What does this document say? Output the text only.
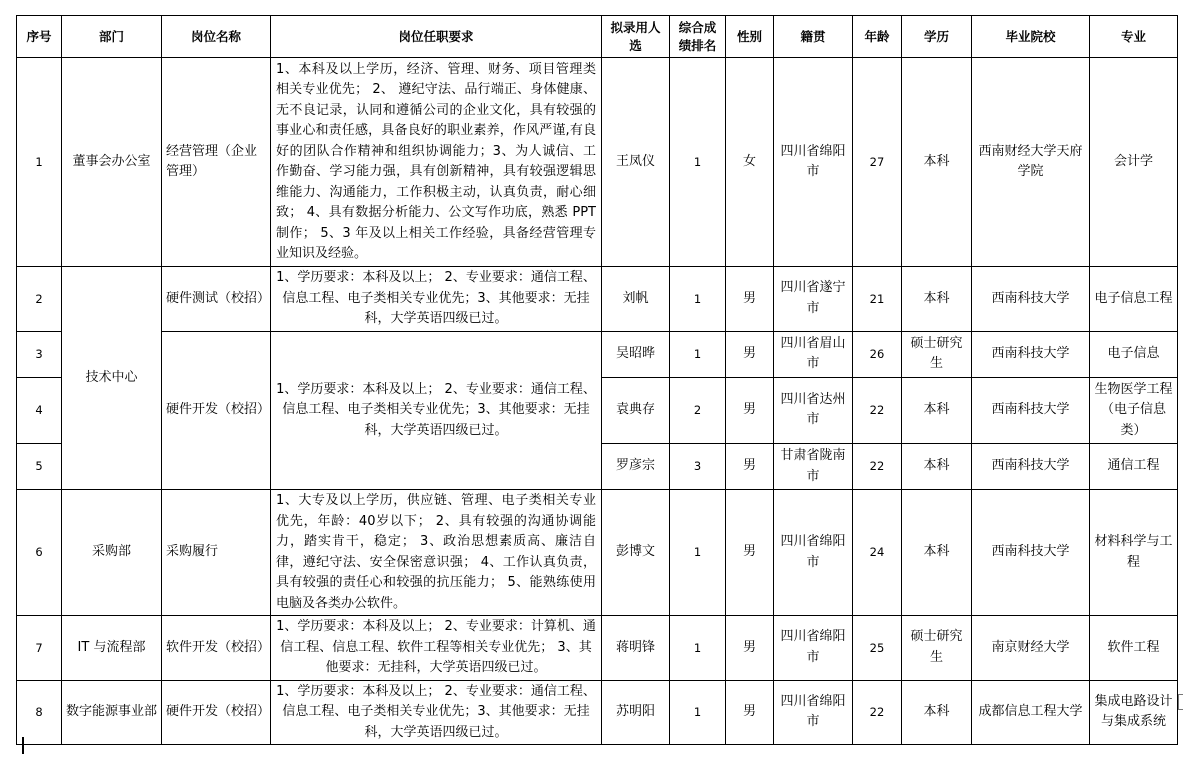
序号	部门	岗位名称	岗位任职要求	拟录用人选	综合成绩排名	性别	籍贯	年龄	学历	毕业院校	专业
1	董事会办公室	经营管理（企业管理）	1、本科及以上学历，经济、管理、财务、项目管理类相关专业优先； 2、 遵纪守法、品行端正、身体健康、无不良记录，认同和遵循公司的企业文化，具有较强的事业心和责任感，具备良好的职业素养，作风严谨,有良好的团队合作精神和组织协调能力；3、为人诚信、工作勤奋、学习能力强，具有创新精神，具有较强逻辑思维能力、沟通能力，工作积极主动，认真负责，耐心细致； 4、具有数据分析能力、公文写作功底，熟悉 PPT 制作； 5、3 年及以上相关工作经验，具备经营管理专业知识及经验。	王凤仪	1	女	四川省绵阳市	27	本科	西南财经大学天府学院	会计学
2	技术中心	硬件测试（校招）	1、学历要求：本科及以上； 2、专业要求：通信工程、信息工程、电子类相关专业优先；3、其他要求：无挂科，大学英语四级已过。	刘帆	1	男	四川省遂宁市	21	本科	西南科技大学	电子信息工程
3		硬件开发（校招）	1、学历要求：本科及以上； 2、专业要求：通信工程、信息工程、电子类相关专业优先；3、其他要求：无挂科，大学英语四级已过。	吴昭晔	1	男	四川省眉山市	26	硕士研究生	西南科技大学	电子信息
4				袁典存	2	男	四川省达州市	22	本科	西南科技大学	生物医学工程（电子信息类）
5				罗彦宗	3	男	甘肃省陇南市	22	本科	西南科技大学	通信工程
6	采购部	采购履行	1、大专及以上学历，供应链、管理、电子类相关专业优先，年龄：40岁以下； 2、具有较强的沟通协调能力，踏实肯干，稳定； 3、政治思想素质高、廉洁自律，遵纪守法、安全保密意识强； 4、工作认真负责，具有较强的责任心和较强的抗压能力； 5、能熟练使用电脑及各类办公软件。	彭博文	1	男	四川省绵阳市	24	本科	西南科技大学	材料科学与工程
7	IT 与流程部	软件开发（校招）	1、学历要求：本科及以上； 2、专业要求：计算机、通信工程、信息工程、软件工程等相关专业优先； 3、其他要求：无挂科，大学英语四级已过。	蒋明锋	1	男	四川省绵阳市	25	硕士研究生	南京财经大学	软件工程
8	数字能源事业部	硬件开发（校招）	1、学历要求：本科及以上； 2、专业要求：通信工程、信息工程、电子类相关专业优先；3、其他要求：无挂科，大学英语四级已过。	苏明阳	1	男	四川省绵阳市	22	本科	成都信息工程大学	集成电路设计与集成系统
